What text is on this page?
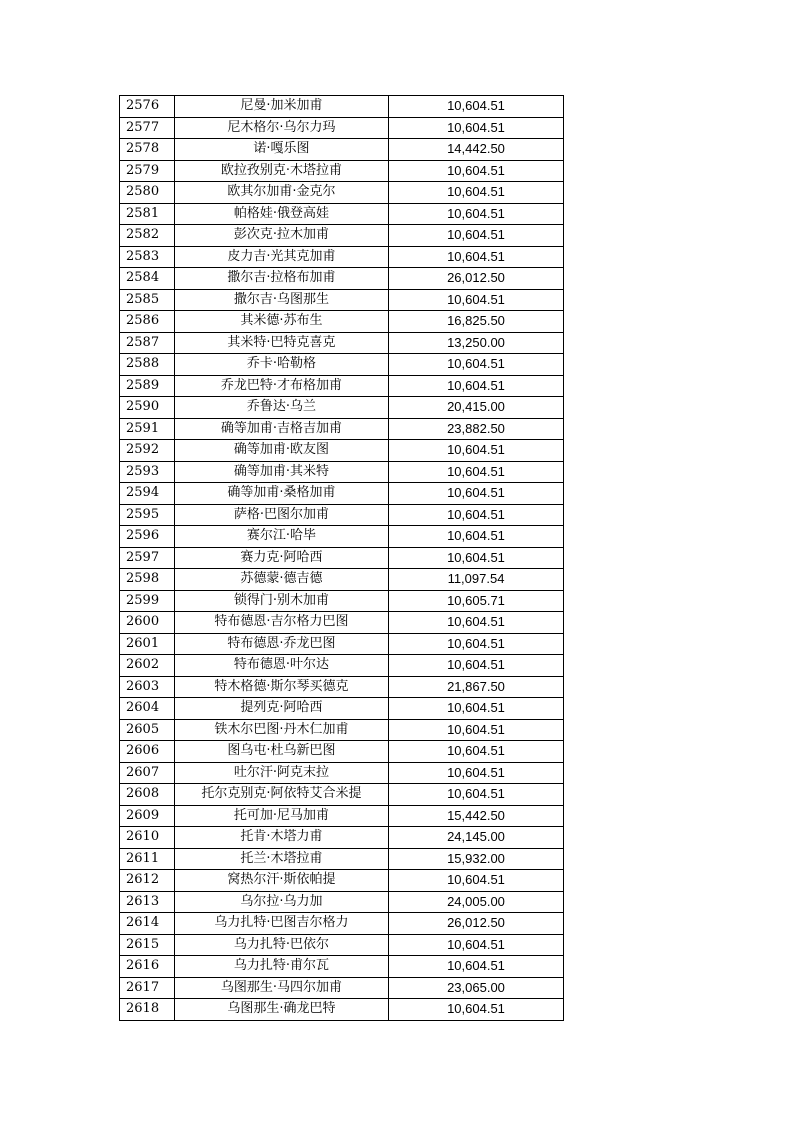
2576	尼曼·加米加甫	10,604.51
2577	尼木格尔·乌尔力玛	10,604.51
2578	诺·嘎乐图	14,442.50
2579	欧拉孜别克·木塔拉甫	10,604.51
2580	欧其尔加甫·金克尔	10,604.51
2581	帕格娃·俄登高娃	10,604.51
2582	彭次克·拉木加甫	10,604.51
2583	皮力吉·光其克加甫	10,604.51
2584	撒尔吉·拉格布加甫	26,012.50
2585	撒尔吉·乌图那生	10,604.51
2586	其米德·苏布生	16,825.50
2587	其米特·巴特克喜克	13,250.00
2588	乔卡·哈勒格	10,604.51
2589	乔龙巴特·才布格加甫	10,604.51
2590	乔鲁达·乌兰	20,415.00
2591	确等加甫·吉格吉加甫	23,882.50
2592	确等加甫·欧友图	10,604.51
2593	确等加甫·其米特	10,604.51
2594	确等加甫·桑格加甫	10,604.51
2595	萨格·巴图尔加甫	10,604.51
2596	赛尔江·哈毕	10,604.51
2597	赛力克·阿哈西	10,604.51
2598	苏德蒙·德吉德	11,097.54
2599	锁得门·别木加甫	10,605.71
2600	特布德恩·吉尔格力巴图	10,604.51
2601	特布德恩·乔龙巴图	10,604.51
2602	特布德恩·叶尔达	10,604.51
2603	特木格德·斯尔琴买德克	21,867.50
2604	提列克·阿哈西	10,604.51
2605	铁木尔巴图·丹木仁加甫	10,604.51
2606	图乌屯·杜乌新巴图	10,604.51
2607	吐尔汗·阿克末拉	10,604.51
2608	托尔克别克·阿依特艾合米提	10,604.51
2609	托可加·尼马加甫	15,442.50
2610	托肯·木塔力甫	24,145.00
2611	托兰·木塔拉甫	15,932.00
2612	窝热尔汗·斯依帕提	10,604.51
2613	乌尔拉·乌力加	24,005.00
2614	乌力扎特·巴图吉尔格力	26,012.50
2615	乌力扎特·巴依尔	10,604.51
2616	乌力扎特·甫尔瓦	10,604.51
2617	乌图那生·马四尔加甫	23,065.00
2618	乌图那生·确龙巴特	10,604.51
